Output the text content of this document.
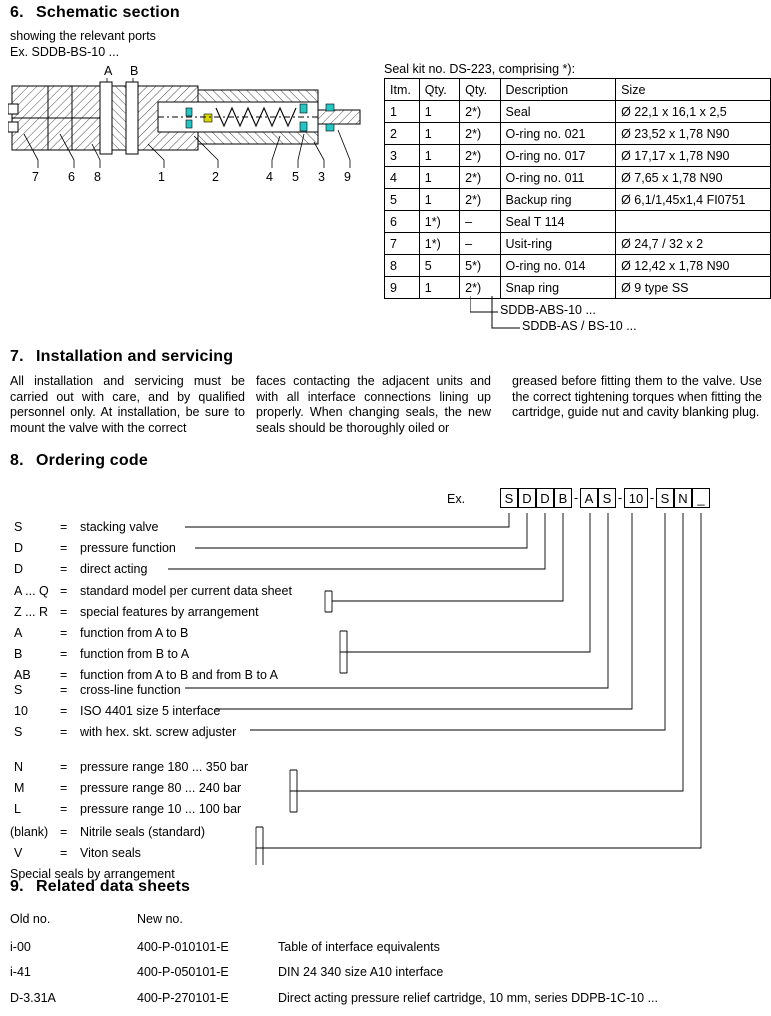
6. Schematic section
showing the relevant ports
Ex. SDDB-BS-10 ...
A B
7 6 8	1	2	4 5 3 9
Seal kit no. DS-223, comprising *):
Itm.	Qty.	Qty.	Description	Size
1	1	2*)	Seal	Ø 22,1 x 16,1 x 2,5
2	1	2*)	O-ring no. 021	Ø 23,52 x 1,78 N90
3	1	2*)	O-ring no. 017	Ø 17,17 x 1,78 N90
4	1	2*)	O-ring no. 011	Ø 7,65 x 1,78 N90
5	1	2*)	Backup ring	Ø 6,1/1,45x1,4 FI0751
6	1*)	–	Seal T 114	
7	1*)	–	Usit-ring	Ø 24,7 / 32 x 2
8	5	5*)	O-ring no. 014	Ø 12,42 x 1,78 N90
9	1	2*)	Snap ring	Ø 9 type SS
SDDB-ABS-10 ...
SDDB-AS / BS-10 ...
7. Installation and servicing
All installation and servicing must be carried out with care, and by qualified personnel only. At installation, be sure to mount the valve with the correct
faces contacting the adjacent units and with all interface connections lining up properly. When changing seals, the new seals should be thoroughly oiled or
greased before fitting them to the valve. Use the correct tightening torques when fitting the cartridge, guide nut and cavity blanking plug.
8. Ordering code
Ex.	S D D B - A S - 10 - S N _
S	= stacking valve
D	= pressure function
D	= direct acting
A ... Q = standard model per current data sheet
Z ... R = special features by arrangement
A	= function from A to B
B	= function from B to A
AB = function from A to B and from B to A
S	= cross-line function
10	= ISO 4401 size 5 interface
S	= with hex. skt. screw adjuster
N	= pressure range 180 ... 350 bar
M	= pressure range 80 ... 240 bar
L	= pressure range 10 ... 100 bar
(blank) = Nitrile seals (standard)
V	= Viton seals
Special seals by arrangement
9. Related data sheets
Old no.	New no.
i-00	400-P-010101-E	Table of interface equivalents
i-41	400-P-050101-E	DIN 24 340 size A10 interface
D-3.31A	400-P-270101-E	Direct acting pressure relief cartridge, 10 mm, series DDPB-1C-10 ...
